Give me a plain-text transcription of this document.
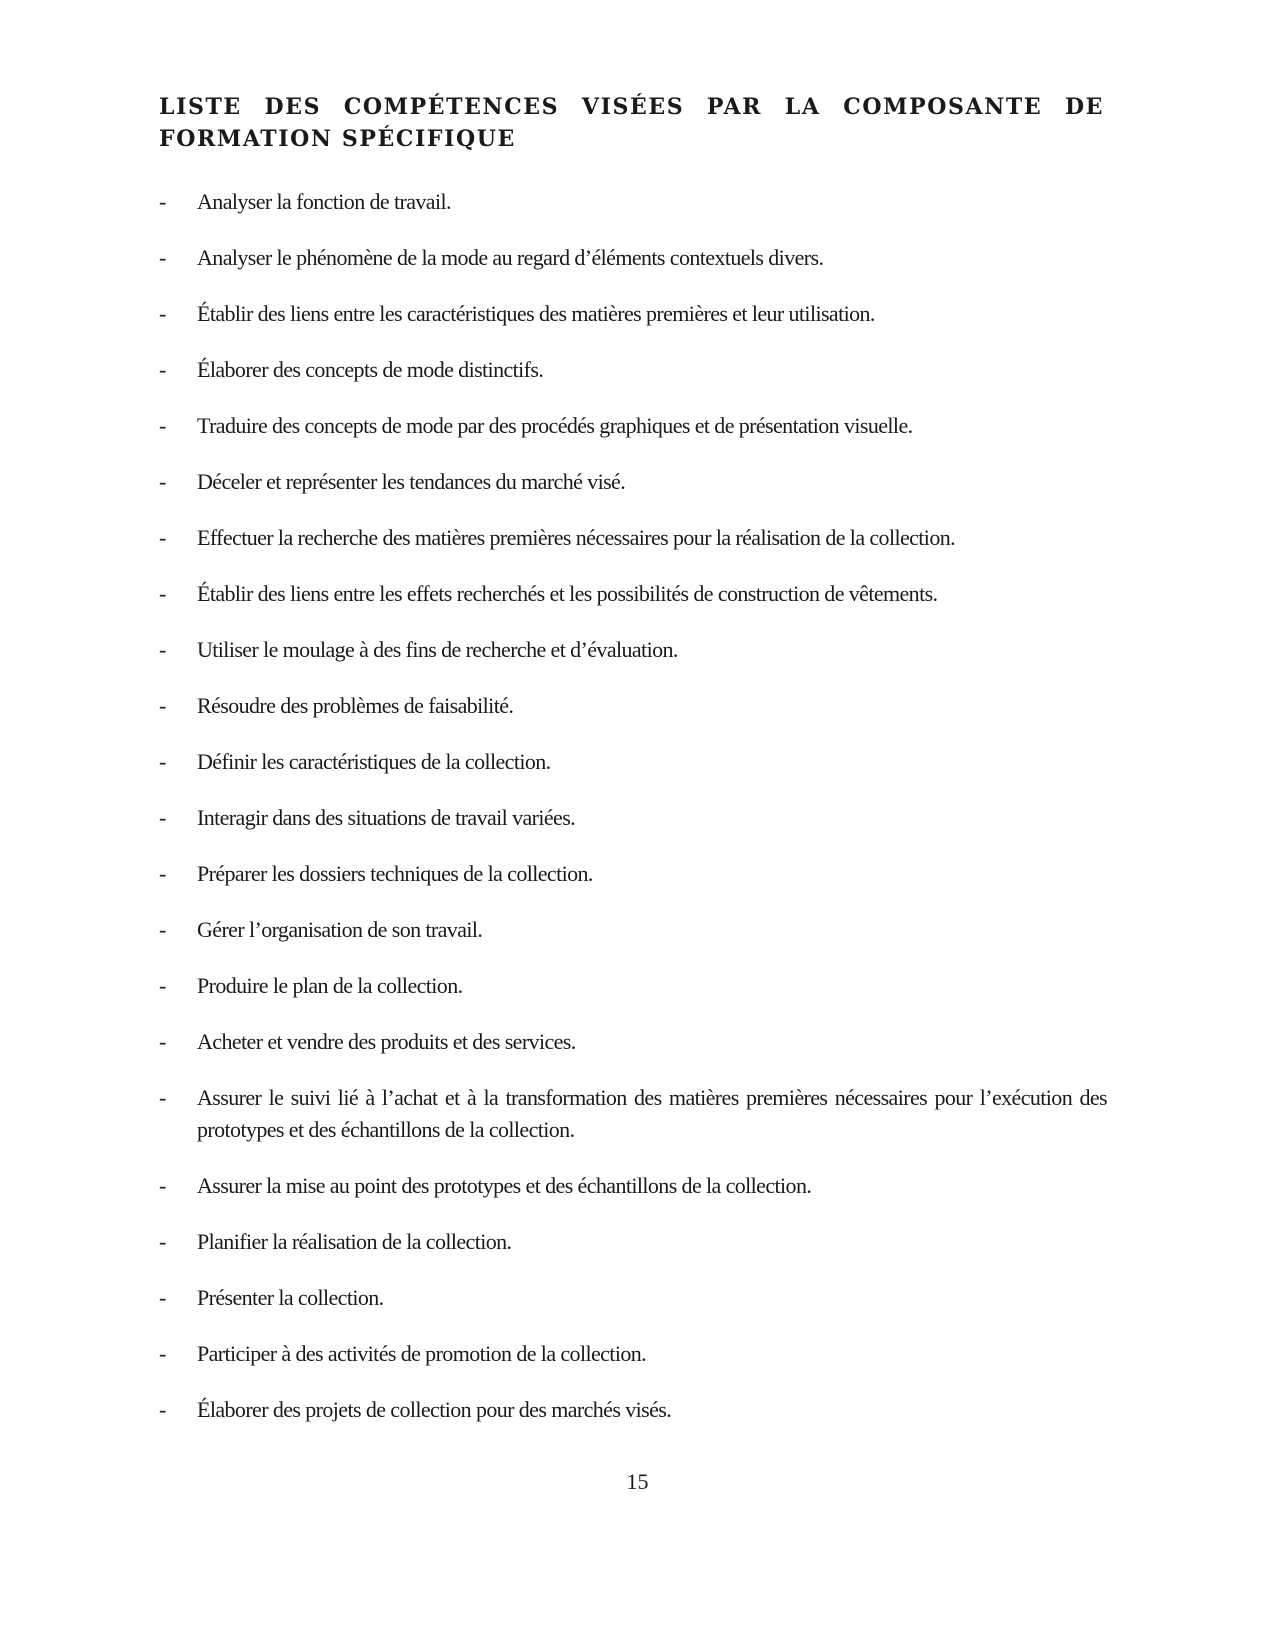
LISTE DES COMPÉTENCES VISÉES PAR LA COMPOSANTE DE FORMATION SPÉCIFIQUE
- Analyser la fonction de travail.
- Analyser le phénomène de la mode au regard d’éléments contextuels divers.
- Établir des liens entre les caractéristiques des matières premières et leur utilisation.
- Élaborer des concepts de mode distinctifs.
- Traduire des concepts de mode par des procédés graphiques et de présentation visuelle.
- Déceler et représenter les tendances du marché visé.
- Effectuer la recherche des matières premières nécessaires pour la réalisation de la collection.
- Établir des liens entre les effets recherchés et les possibilités de construction de vêtements.
- Utiliser le moulage à des fins de recherche et d’évaluation.
- Résoudre des problèmes de faisabilité.
- Définir les caractéristiques de la collection.
- Interagir dans des situations de travail variées.
- Préparer les dossiers techniques de la collection.
- Gérer l’organisation de son travail.
- Produire le plan de la collection.
- Acheter et vendre des produits et des services.
- Assurer le suivi lié à l’achat et à la transformation des matières premières nécessaires pour l’exécution des prototypes et des échantillons de la collection.
- Assurer la mise au point des prototypes et des échantillons de la collection.
- Planifier la réalisation de la collection.
- Présenter la collection.
- Participer à des activités de promotion de la collection.
- Élaborer des projets de collection pour des marchés visés.

15
